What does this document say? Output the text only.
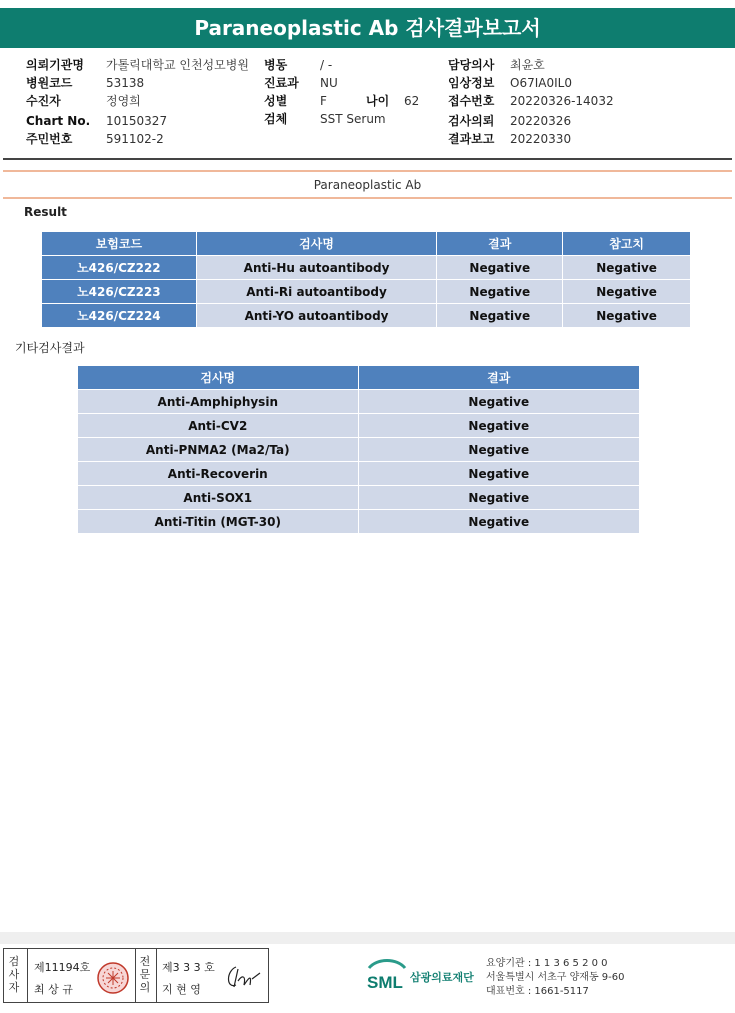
Paraneoplastic Ab 검사결과보고서
의뢰기관명 가톨릭대학교 인천성모병원
병원코드	53138
수진자	정영희
Chart No. 10150327
주민번호	591102-2
병동	/ -
진료과 NU
성별	F	나이 62
검체	SST Serum
담당의사 최윤호
임상정보 O67IA0IL0
접수번호 20220326-14032
검사의뢰 20220326
결과보고 20220330
Paraneoplastic Ab
Result
보험코드	검사명	결과	참고치
노426/CZ222	Anti-Hu autoantibody	Negative	Negative
노426/CZ223	Anti-Ri autoantibody	Negative	Negative
노426/CZ224	Anti-YO autoantibody	Negative	Negative
기타검사결과
검사명	결과
Anti-Amphiphysin	Negative
Anti-CV2	Negative
Anti-PNMA2 (Ma2/Ta)	Negative
Anti-Recoverin	Negative
Anti-SOX1	Negative
Anti-Titin (MGT-30)	Negative
검사자
제11194호
최 상 규
전문의
제3 3 3 호
지 현 영	SML 삼광의료재단
요양기관 : 1 1 3 6 5 2 0 0
서울특별시 서초구 양재동 9-60
대표번호 : 1661-5117
